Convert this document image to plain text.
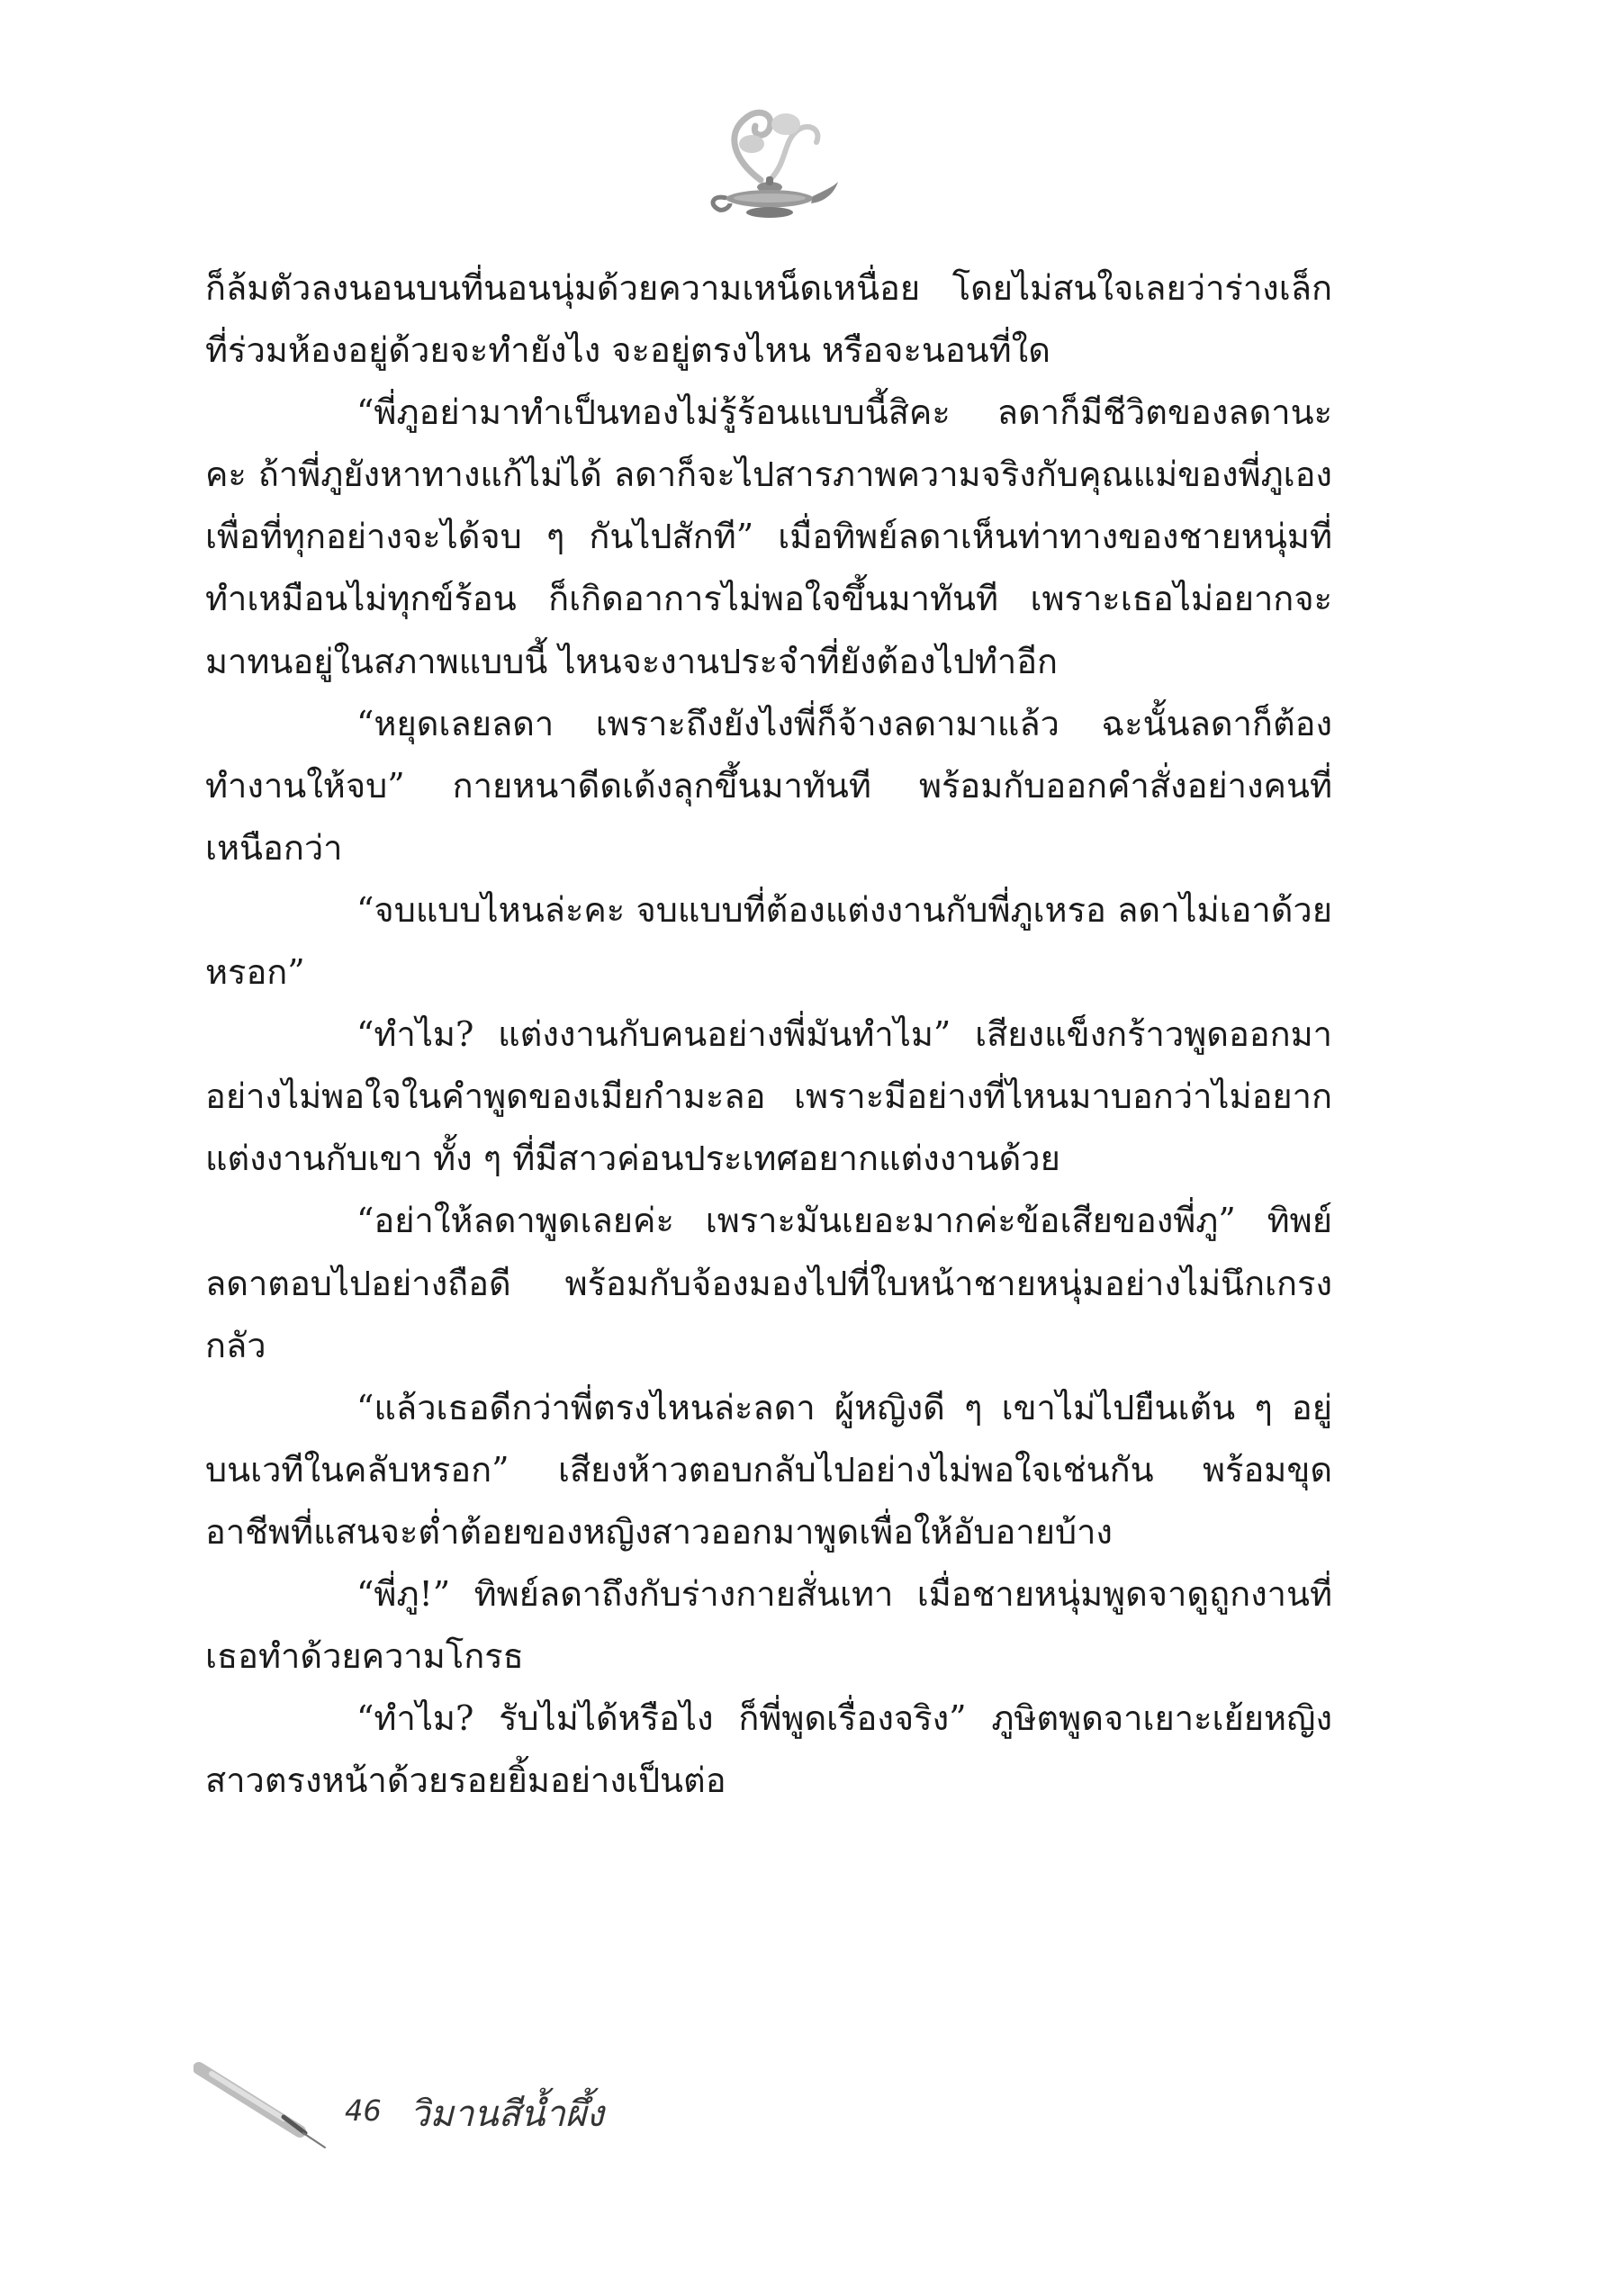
ก็ล้มตัวลงนอนบนที่นอนนุ่มด้วยความเหน็ดเหนื่อย โดยไม่สนใจเลยว่าร่างเล็กที่ร่วมห้องอยู่ด้วยจะทำยังไง จะอยู่ตรงไหน หรือจะนอนที่ใด

“พี่ภูอย่ามาทำเป็นทองไม่รู้ร้อนแบบนี้สิคะ ลดาก็มีชีวิตของลดานะคะ ถ้าพี่ภูยังหาทางแก้ไม่ได้ ลดาก็จะไปสารภาพความจริงกับคุณแม่ของพี่ภูเอง เพื่อที่ทุกอย่างจะได้จบ ๆ กันไปสักที” เมื่อทิพย์ลดาเห็นท่าทางของชายหนุ่มที่ทำเหมือนไม่ทุกข์ร้อน ก็เกิดอาการไม่พอใจขึ้นมาทันที เพราะเธอไม่อยากจะมาทนอยู่ในสภาพแบบนี้ ไหนจะงานประจำที่ยังต้องไปทำอีก

“หยุดเลยลดา เพราะถึงยังไงพี่ก็จ้างลดามาแล้ว ฉะนั้นลดาก็ต้องทำงานให้จบ” กายหนาดีดเด้งลุกขึ้นมาทันที พร้อมกับออกคำสั่งอย่างคนที่เหนือกว่า

“จบแบบไหนล่ะคะ จบแบบที่ต้องแต่งงานกับพี่ภูเหรอ ลดาไม่เอาด้วยหรอก”

“ทำไม? แต่งงานกับคนอย่างพี่มันทำไม” เสียงแข็งกร้าวพูดออกมาอย่างไม่พอใจในคำพูดของเมียกำมะลอ เพราะมีอย่างที่ไหนมาบอกว่าไม่อยากแต่งงานกับเขา ทั้ง ๆ ที่มีสาวค่อนประเทศอยากแต่งงานด้วย

“อย่าให้ลดาพูดเลยค่ะ เพราะมันเยอะมากค่ะข้อเสียของพี่ภู” ทิพย์ลดาตอบไปอย่างถือดี พร้อมกับจ้องมองไปที่ใบหน้าชายหนุ่มอย่างไม่นึกเกรงกลัว

“แล้วเธอดีกว่าพี่ตรงไหนล่ะลดา ผู้หญิงดี ๆ เขาไม่ไปยืนเต้น ๆ อยู่บนเวทีในคลับหรอก” เสียงห้าวตอบกลับไปอย่างไม่พอใจเช่นกัน พร้อมขุดอาชีพที่แสนจะต่ำต้อยของหญิงสาวออกมาพูดเพื่อให้อับอายบ้าง

“พี่ภู!” ทิพย์ลดาถึงกับร่างกายสั่นเทา เมื่อชายหนุ่มพูดจาดูถูกงานที่เธอทำด้วยความโกรธ

“ทำไม? รับไม่ได้หรือไง ก็พี่พูดเรื่องจริง” ภูษิตพูดจาเยาะเย้ยหญิงสาวตรงหน้าด้วยรอยยิ้มอย่างเป็นต่อ

46 วิมานสีน้ำผึ้ง
